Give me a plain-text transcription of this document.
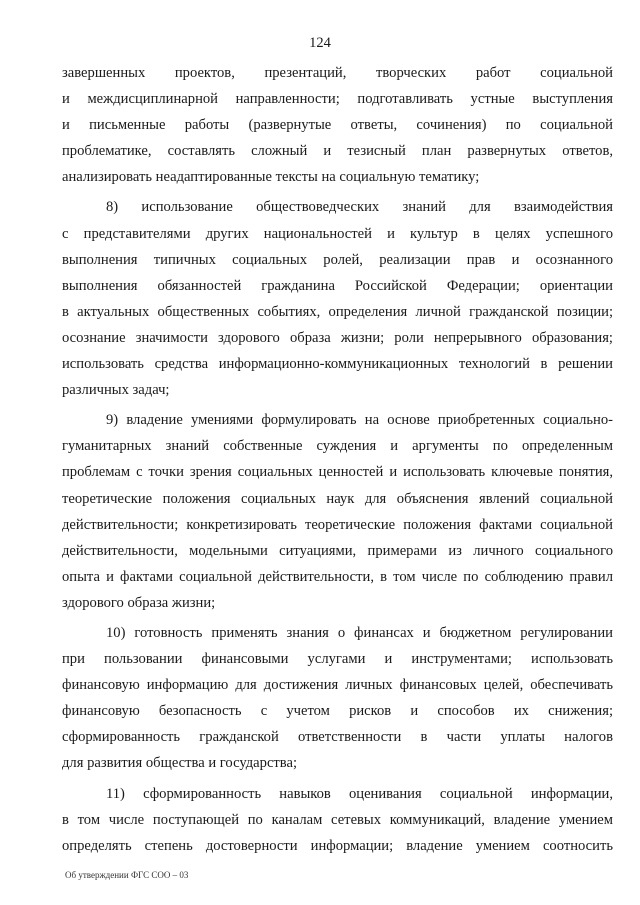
124

завершенных проектов, презентаций, творческих работ социальной

и междисциплинарной направленности; подготавливать устные выступления

и письменные работы (развернутые ответы, сочинения) по социальной

проблематике, составлять сложный и тезисный план развернутых ответов,

анализировать неадаптированные тексты на социальную тематику;

8) использование обществоведческих знаний для взаимодействия

с представителями других национальностей и культур в целях успешного

выполнения типичных социальных ролей, реализации прав и осознанного

выполнения обязанностей гражданина Российской Федерации; ориентации

в актуальных общественных событиях, определения личной гражданской позиции;

осознание значимости здорового образа жизни; роли непрерывного образования;

использовать средства информационно-коммуникационных технологий в решении

различных задач;

9) владение умениями формулировать на основе приобретенных социально-

гуманитарных знаний собственные суждения и аргументы по определенным

проблемам с точки зрения социальных ценностей и использовать ключевые понятия,

теоретические положения социальных наук для объяснения явлений социальной

действительности; конкретизировать теоретические положения фактами социальной

действительности, модельными ситуациями, примерами из личного социального

опыта и фактами социальной действительности, в том числе по соблюдению правил

здорового образа жизни;

10) готовность применять знания о финансах и бюджетном регулировании

при пользовании финансовыми услугами и инструментами; использовать

финансовую информацию для достижения личных финансовых целей, обеспечивать

финансовую безопасность с учетом рисков и способов их снижения;

сформированность гражданской ответственности в части уплаты налогов

для развития общества и государства;

11) сформированность навыков оценивания социальной информации,

в том числе поступающей по каналам сетевых коммуникаций, владение умением

определять степень достоверности информации; владение умением соотносить

Об утверждении ФГС СОО – 03
